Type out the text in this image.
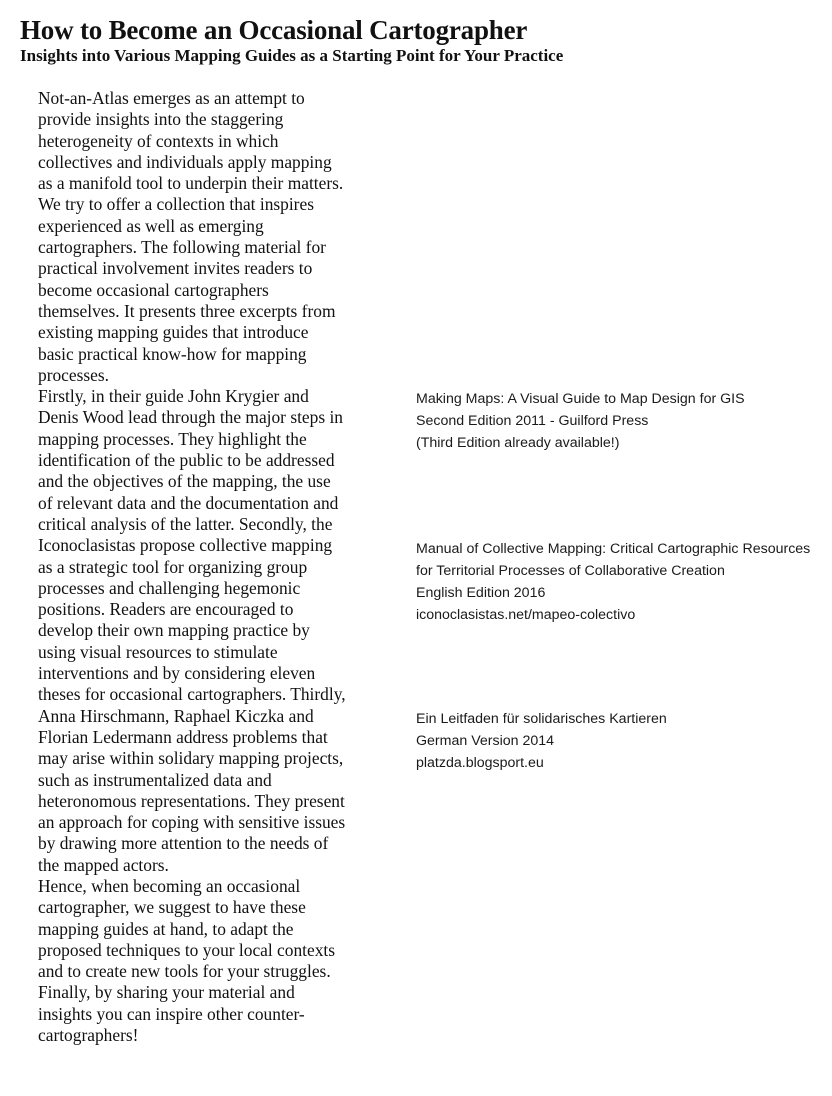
How to Become an Occasional Cartographer
Insights into Various Mapping Guides as a Starting Point for Your Practice

Not-an-Atlas emerges as an attempt to provide insights into the staggering heterogeneity of contexts in which collectives and individuals apply mapping as a manifold tool to underpin their matters. We try to offer a collection that inspires experienced as well as emerging cartographers. The following material for practical involvement invites readers to become occasional cartographers themselves. It presents three excerpts from existing mapping guides that introduce basic practical know-how for mapping processes.

Firstly, in their guide John Krygier and Denis Wood lead through the major steps in mapping processes. They highlight the identification of the public to be addressed and the objectives of the mapping, the use of relevant data and the documentation and critical analysis of the latter. Secondly, the Iconoclasistas propose collective mapping as a strategic tool for organizing group processes and challenging hegemonic positions. Readers are encouraged to develop their own mapping practice by using visual resources to stimulate interventions and by considering eleven theses for occasional cartographers. Thirdly, Anna Hirschmann, Raphael Kiczka and Florian Ledermann address problems that may arise within solidary mapping projects, such as instrumentalized data and heteronomous representations. They present an approach for coping with sensitive issues by drawing more attention to the needs of the mapped actors.

Hence, when becoming an occasional cartographer, we suggest to have these mapping guides at hand, to adapt the proposed techniques to your local contexts and to create new tools for your struggles. Finally, by sharing your material and insights you can inspire other counter-cartographers!

Making Maps: A Visual Guide to Map Design for GIS
Second Edition 2011 - Guilford Press
(Third Edition already available!)
Manual of Collective Mapping: Critical Cartographic Resources
for Territorial Processes of Collaborative Creation
English Edition 2016
iconoclasistas.net/mapeo-colectivo
Ein Leitfaden für solidarisches Kartieren
German Version 2014
platzda.blogsport.eu
